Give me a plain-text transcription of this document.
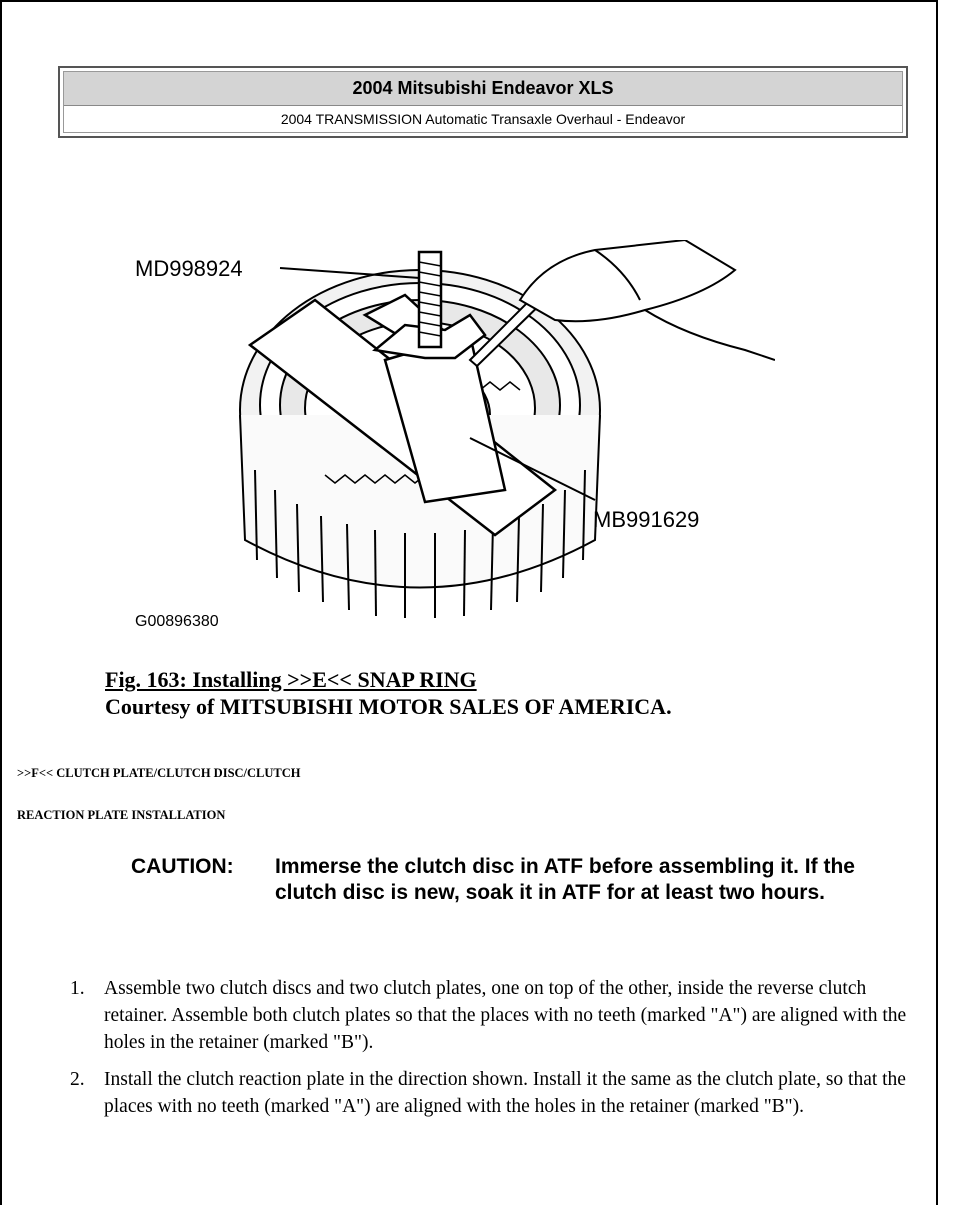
2004 Mitsubishi Endeavor XLS
2004 TRANSMISSION Automatic Transaxle Overhaul - Endeavor
MD998924
MB991629
G00896380
Fig. 163: Installing >>E<< SNAP RING
Courtesy of MITSUBISHI MOTOR SALES OF AMERICA.
>>F<< CLUTCH PLATE/CLUTCH DISC/CLUTCH
REACTION PLATE INSTALLATION
CAUTION:	Immerse the clutch disc in ATF before assembling it. If the clutch disc is new, soak it in ATF for at least two hours.
1. Assemble two clutch discs and two clutch plates, one on top of the other, inside the reverse clutch retainer. Assemble both clutch plates so that the places with no teeth (marked "A") are aligned with the holes in the retainer (marked "B").
2. Install the clutch reaction plate in the direction shown. Install it the same as the clutch plate, so that the places with no teeth (marked "A") are aligned with the holes in the retainer (marked "B").
